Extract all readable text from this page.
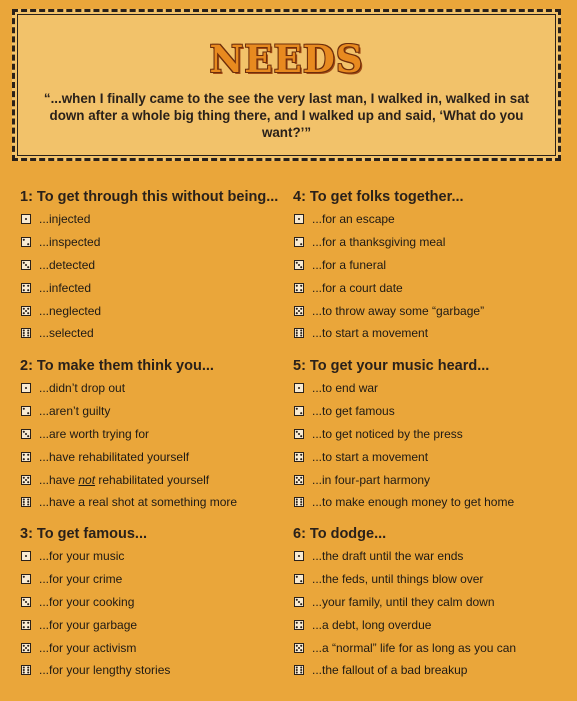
NEEDS
“...when I finally came to the see the very last man, I walked in, walked in sat down after a whole big thing there, and I walked up and said, ‘What do you want?’”
1: To get through this without being...
...injected
...inspected
...detected
...infected
...neglected
...selected
4: To get folks together...
...for an escape
...for a thanksgiving meal
...for a funeral
...for a court date
...to throw away some “garbage”
...to start a movement
2: To make them think you...
...didn’t drop out
...aren’t guilty
...are worth trying for
...have rehabilitated yourself
...have not rehabilitated yourself
...have a real shot at something more
5: To get your music heard...
...to end war
...to get famous
...to get noticed by the press
...to start a movement
...in four-part harmony
...to make enough money to get home
3: To get famous...
...for your music
...for your crime
...for your cooking
...for your garbage
...for your activism
...for your lengthy stories
6: To dodge...
...the draft until the war ends
...the feds, until things blow over
...your family, until they calm down
...a debt, long overdue
...a “normal” life for as long as you can
...the fallout of a bad breakup
